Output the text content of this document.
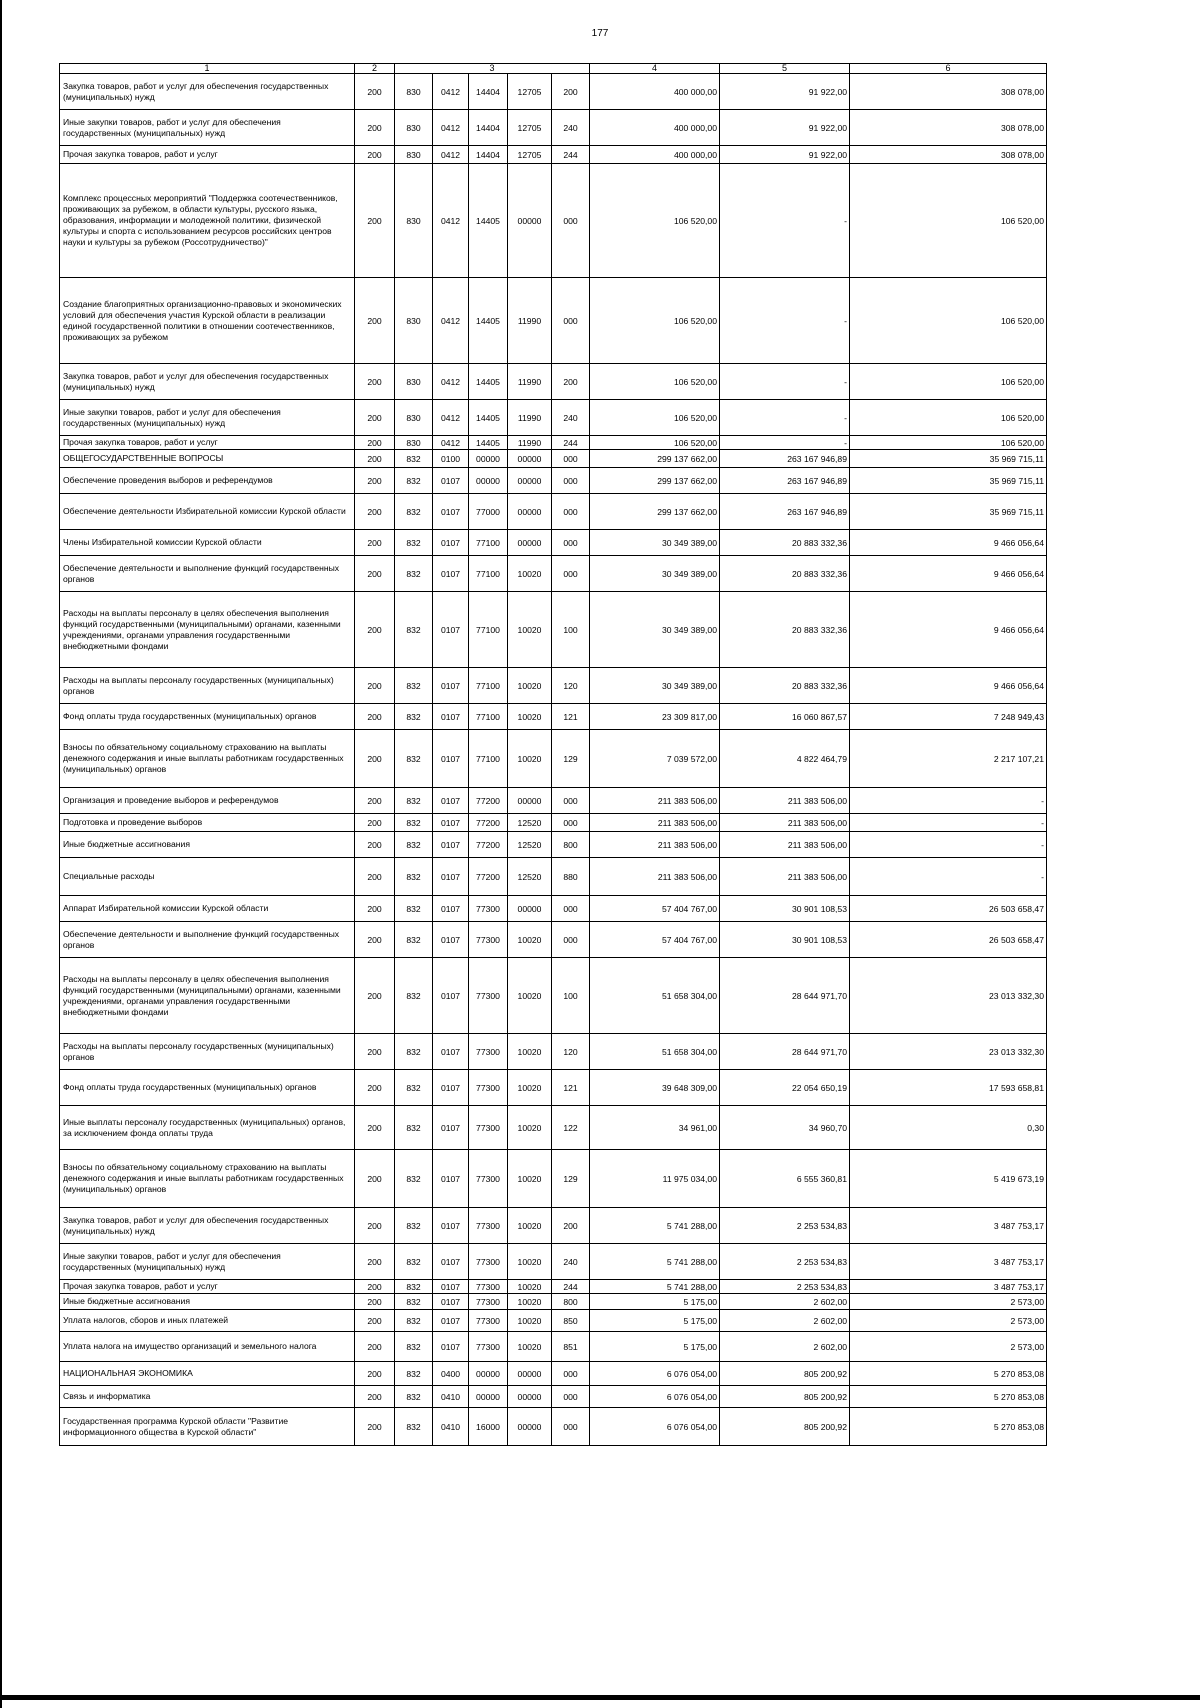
177
1	2	3					4	5	6
Закупка товаров, работ и услуг для обеспечения государственных (муниципальных) нужд	200	830	0412	14404	12705	200	400 000,00	91 922,00	308 078,00
Иные закупки товаров, работ и услуг для обеспечения государственных (муниципальных) нужд	200	830	0412	14404	12705	240	400 000,00	91 922,00	308 078,00
Прочая закупка товаров, работ и услуг	200	830	0412	14404	12705	244	400 000,00	91 922,00	308 078,00
Комплекс процессных мероприятий "Поддержка соотечественников, проживающих за рубежом, в области культуры, русского языка, образования, информации и молодежной политики, физической культуры и спорта с использованием ресурсов российских центров науки и культуры за рубежом (Россотрудничество)"	200	830	0412	14405	00000	000	106 520,00	-	106 520,00
Создание благоприятных организационно-правовых и экономических условий для обеспечения участия Курской области в реализации единой государственной политики в отношении соотечественников, проживающих за рубежом	200	830	0412	14405	11990	000	106 520,00	-	106 520,00
Закупка товаров, работ и услуг для обеспечения государственных (муниципальных) нужд	200	830	0412	14405	11990	200	106 520,00	-	106 520,00
Иные закупки товаров, работ и услуг для обеспечения государственных (муниципальных) нужд	200	830	0412	14405	11990	240	106 520,00	-	106 520,00
Прочая закупка товаров, работ и услуг	200	830	0412	14405	11990	244	106 520,00	-	106 520,00
ОБЩЕГОСУДАРСТВЕННЫЕ ВОПРОСЫ	200	832	0100	00000	00000	000	299 137 662,00	263 167 946,89	35 969 715,11
Обеспечение проведения выборов и референдумов	200	832	0107	00000	00000	000	299 137 662,00	263 167 946,89	35 969 715,11
Обеспечение деятельности Избирательной комиссии Курской области	200	832	0107	77000	00000	000	299 137 662,00	263 167 946,89	35 969 715,11
Члены Избирательной комиссии Курской области	200	832	0107	77100	00000	000	30 349 389,00	20 883 332,36	9 466 056,64
Обеспечение деятельности и выполнение функций государственных органов	200	832	0107	77100	10020	000	30 349 389,00	20 883 332,36	9 466 056,64
Расходы на выплаты персоналу в целях обеспечения выполнения функций государственными (муниципальными) органами, казенными учреждениями, органами управления государственными внебюджетными фондами	200	832	0107	77100	10020	100	30 349 389,00	20 883 332,36	9 466 056,64
Расходы на выплаты персоналу государственных (муниципальных) органов	200	832	0107	77100	10020	120	30 349 389,00	20 883 332,36	9 466 056,64
Фонд оплаты труда государственных (муниципальных) органов	200	832	0107	77100	10020	121	23 309 817,00	16 060 867,57	7 248 949,43
Взносы по обязательному социальному страхованию на выплаты денежного содержания и иные выплаты работникам государственных (муниципальных) органов	200	832	0107	77100	10020	129	7 039 572,00	4 822 464,79	2 217 107,21
Организация и проведение выборов и референдумов	200	832	0107	77200	00000	000	211 383 506,00	211 383 506,00	-
Подготовка и проведение выборов	200	832	0107	77200	12520	000	211 383 506,00	211 383 506,00	-
Иные бюджетные ассигнования	200	832	0107	77200	12520	800	211 383 506,00	211 383 506,00	-
Специальные расходы	200	832	0107	77200	12520	880	211 383 506,00	211 383 506,00	-
Аппарат Избирательной комиссии Курской области	200	832	0107	77300	00000	000	57 404 767,00	30 901 108,53	26 503 658,47
Обеспечение деятельности и выполнение функций государственных органов	200	832	0107	77300	10020	000	57 404 767,00	30 901 108,53	26 503 658,47
Расходы на выплаты персоналу в целях обеспечения выполнения функций государственными (муниципальными) органами, казенными учреждениями, органами управления государственными внебюджетными фондами	200	832	0107	77300	10020	100	51 658 304,00	28 644 971,70	23 013 332,30
Расходы на выплаты персоналу государственных (муниципальных) органов	200	832	0107	77300	10020	120	51 658 304,00	28 644 971,70	23 013 332,30
Фонд оплаты труда государственных (муниципальных) органов	200	832	0107	77300	10020	121	39 648 309,00	22 054 650,19	17 593 658,81
Иные выплаты персоналу государственных (муниципальных) органов, за исключением фонда оплаты труда	200	832	0107	77300	10020	122	34 961,00	34 960,70	0,30
Взносы по обязательному социальному страхованию на выплаты денежного содержания и иные выплаты работникам государственных (муниципальных) органов	200	832	0107	77300	10020	129	11 975 034,00	6 555 360,81	5 419 673,19
Закупка товаров, работ и услуг для обеспечения государственных (муниципальных) нужд	200	832	0107	77300	10020	200	5 741 288,00	2 253 534,83	3 487 753,17
Иные закупки товаров, работ и услуг для обеспечения государственных (муниципальных) нужд	200	832	0107	77300	10020	240	5 741 288,00	2 253 534,83	3 487 753,17
Прочая закупка товаров, работ и услуг	200	832	0107	77300	10020	244	5 741 288,00	2 253 534,83	3 487 753,17
Иные бюджетные ассигнования	200	832	0107	77300	10020	800	5 175,00	2 602,00	2 573,00
Уплата налогов, сборов и иных платежей	200	832	0107	77300	10020	850	5 175,00	2 602,00	2 573,00
Уплата налога на имущество организаций и земельного налога	200	832	0107	77300	10020	851	5 175,00	2 602,00	2 573,00
НАЦИОНАЛЬНАЯ ЭКОНОМИКА	200	832	0400	00000	00000	000	6 076 054,00	805 200,92	5 270 853,08
Связь и информатика	200	832	0410	00000	00000	000	6 076 054,00	805 200,92	5 270 853,08
Государственная программа Курской области "Развитие информационного общества в Курской области"	200	832	0410	16000	00000	000	6 076 054,00	805 200,92	5 270 853,08
